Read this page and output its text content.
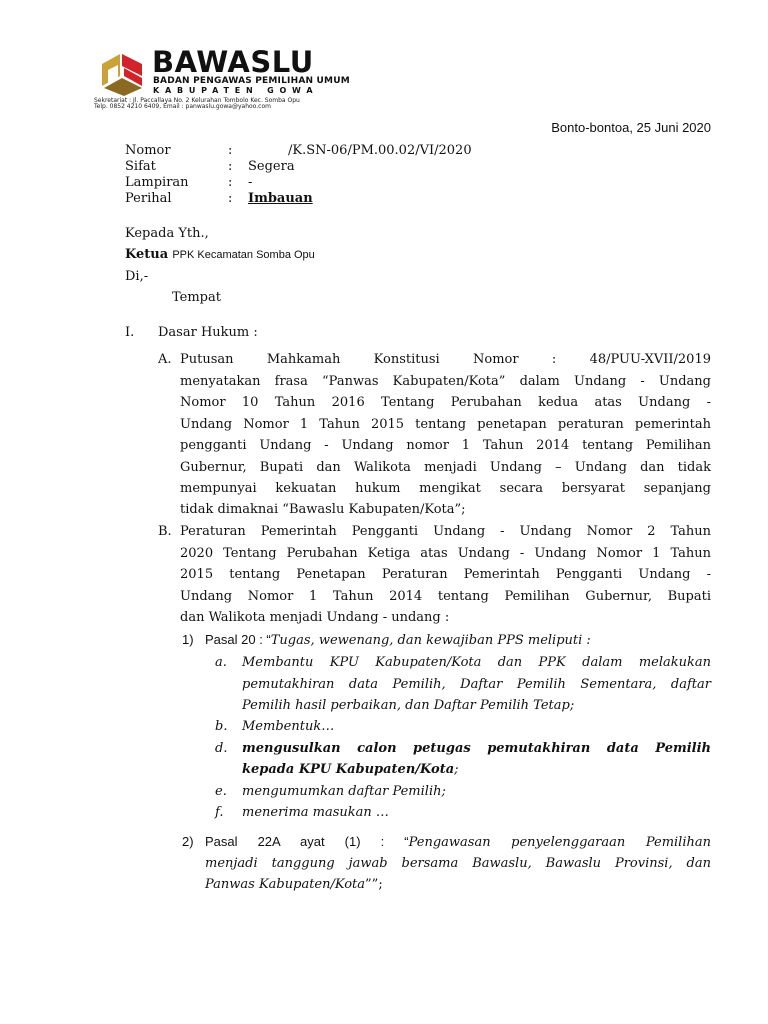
BAWASLU
BADAN PENGAWAS PEMILIHAN UMUM
KABUPATEN GOWA
Sekretariat : Jl. Paccallaya No. 2 Kelurahan Tombolo Kec. Somba Opu
Telp. 0852 4210 6409, Email : panwaslu.gowa@yahoo.com
Bonto-bontoa, 25 Juni 2020
Nomor	:	/K.SN-06/PM.00.02/VI/2020
Sifat	: Segera
Lampiran	: -
Perihal	: Imbauan
Kepada Yth.,
Ketua PPK Kecamatan Somba Opu
Di,-
Tempat
I. Dasar Hukum :
A. Putusan Mahkamah Konstitusi Nomor : 48/PUU-XVII/2019
menyatakan frasa “Panwas Kabupaten/Kota” dalam Undang - Undang
Nomor 10 Tahun 2016 Tentang Perubahan kedua atas Undang -
Undang Nomor 1 Tahun 2015 tentang penetapan peraturan pemerintah
pengganti Undang - Undang nomor 1 Tahun 2014 tentang Pemilihan
Gubernur, Bupati dan Walikota menjadi Undang – Undang dan tidak
mempunyai kekuatan hukum mengikat secara bersyarat sepanjang
tidak dimaknai “Bawaslu Kabupaten/Kota”;
B. Peraturan Pemerintah Pengganti Undang - Undang Nomor 2 Tahun
2020 Tentang Perubahan Ketiga atas Undang - Undang Nomor 1 Tahun
2015 tentang Penetapan Peraturan Pemerintah Pengganti Undang -
Undang Nomor 1 Tahun 2014 tentang Pemilihan Gubernur, Bupati
dan Walikota menjadi Undang - undang :
1) Pasal 20 : “Tugas, wewenang, dan kewajiban PPS meliputi :
a. Membantu KPU Kabupaten/Kota dan PPK dalam melakukan
pemutakhiran data Pemilih, Daftar Pemilih Sementara, daftar
Pemilih hasil perbaikan, dan Daftar Pemilih Tetap;
b. Membentuk…
d. mengusulkan calon petugas pemutakhiran data Pemilih
kepada KPU Kabupaten/Kota;
e. mengumumkan daftar Pemilih;
f. menerima masukan …
2) Pasal 22A ayat (1) : “Pengawasan penyelenggaraan Pemilihan
menjadi tanggung jawab bersama Bawaslu, Bawaslu Provinsi, dan
Panwas Kabupaten/Kota””;
